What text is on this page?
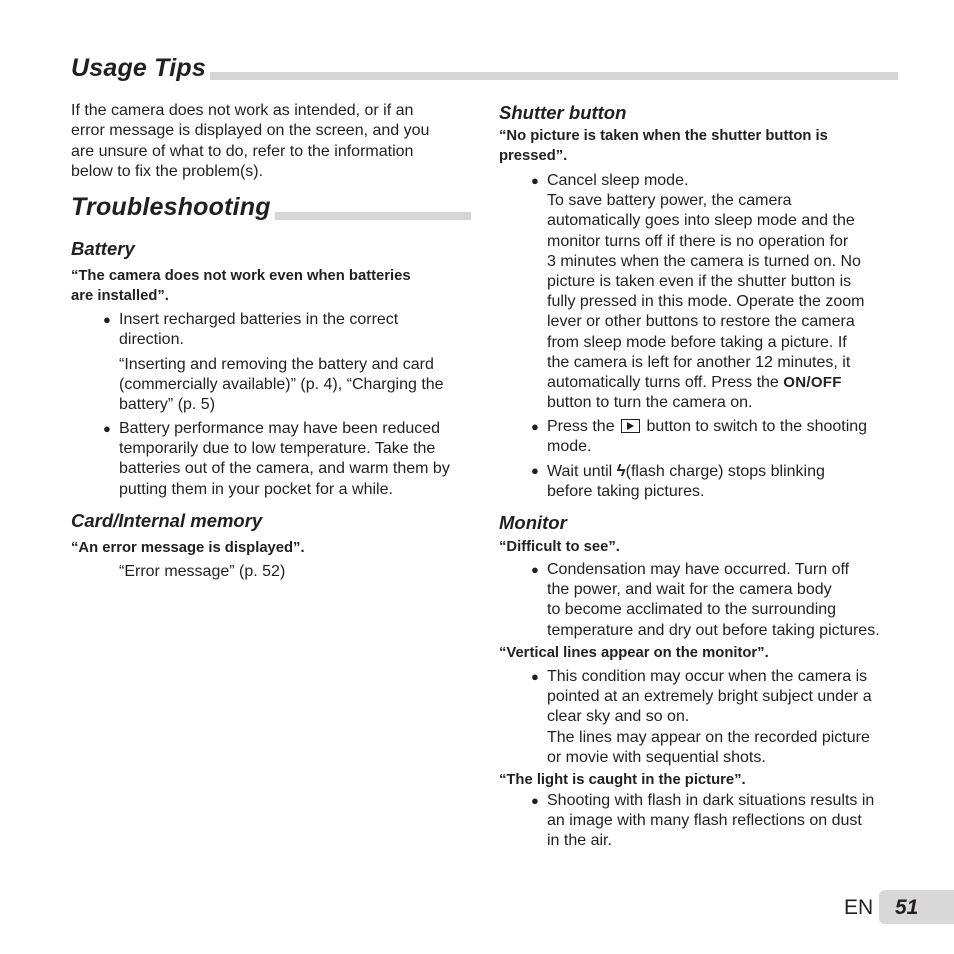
Usage Tips
If the camera does not work as intended, or if an
error message is displayed on the screen, and you
are unsure of what to do, refer to the information
below to fix the problem(s).
Troubleshooting
Battery
“The camera does not work even when batteries
are installed”.
● Insert recharged batteries in the correct
direction.
“Inserting and removing the battery and card
(commercially available)” (p. 4), “Charging the
battery” (p. 5)
● Battery performance may have been reduced
temporarily due to low temperature. Take the
batteries out of the camera, and warm them by
putting them in your pocket for a while.
Card/Internal memory
“An error message is displayed”.
“Error message” (p. 52)
Shutter button
“No picture is taken when the shutter button is
pressed”.
● Cancel sleep mode.
To save battery power, the camera
automatically goes into sleep mode and the
monitor turns off if there is no operation for
3 minutes when the camera is turned on. No
picture is taken even if the shutter button is
fully pressed in this mode. Operate the zoom
lever or other buttons to restore the camera
from sleep mode before taking a picture. If
the camera is left for another 12 minutes, it
automatically turns off. Press the ON/OFF
button to turn the camera on.
● Press the  button to switch to the shooting
mode.
● Wait until ϟ(flash charge) stops blinking
before taking pictures.
Monitor
“Difficult to see”.
● Condensation may have occurred. Turn off
the power, and wait for the camera body
to become acclimated to the surrounding
temperature and dry out before taking pictures.
“Vertical lines appear on the monitor”.
● This condition may occur when the camera is
pointed at an extremely bright subject under a
clear sky and so on.
The lines may appear on the recorded picture
or movie with sequential shots.
“The light is caught in the picture”.
● Shooting with flash in dark situations results in
an image with many flash reflections on dust
in the air.
EN 51
